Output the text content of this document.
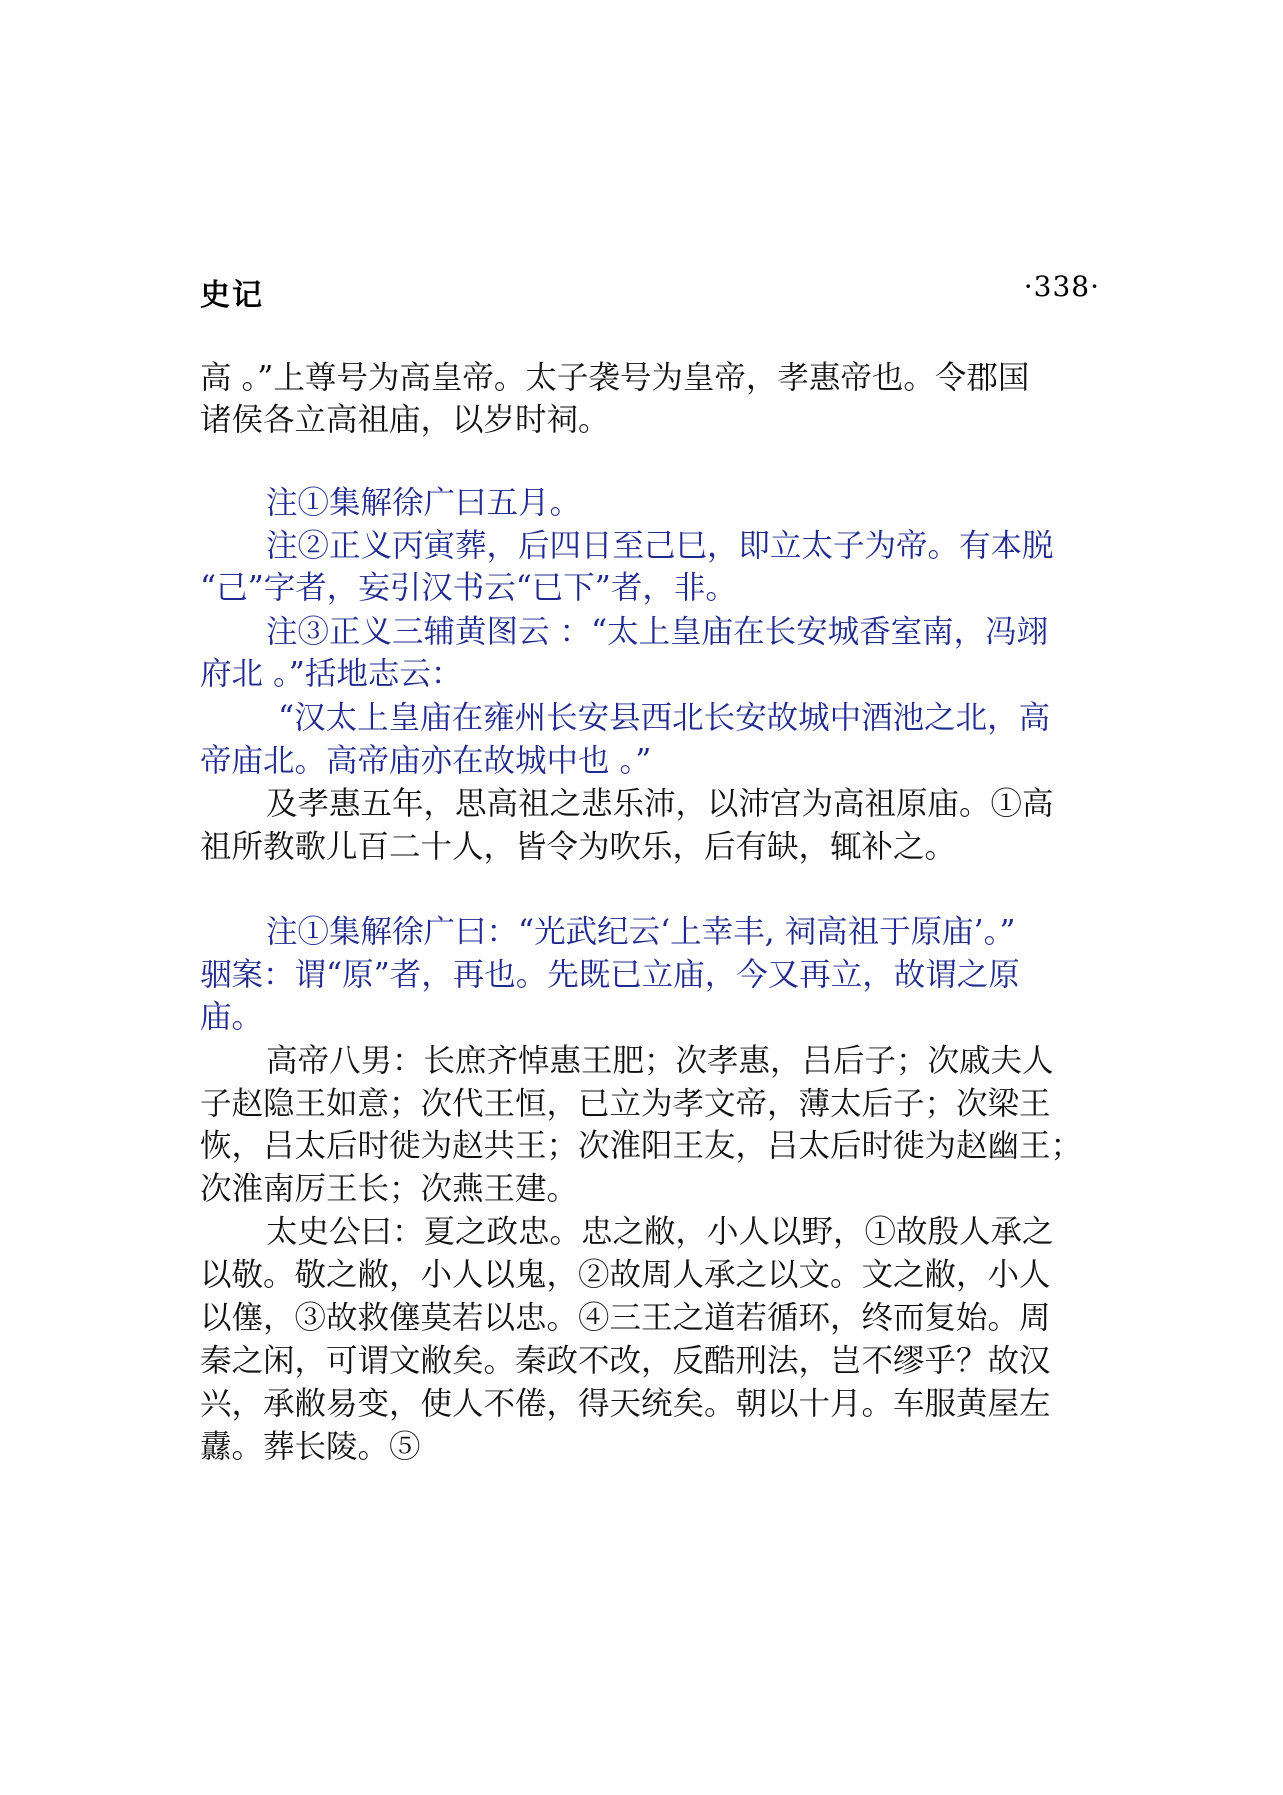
史记	·338·
高 。”上尊号为高皇帝。太子袭号为皇帝，孝惠帝也。令郡国
诸侯各立高祖庙，以岁时祠。
注①集解徐广曰五月。
注②正义丙寅葬，后四日至己巳，即立太子为帝。有本脱
“己”字者，妄引汉书云“已下”者，非。
注③正义三辅黄图云 ：“太上皇庙在长安城香室南，冯翊
府北 。”括地志云：
“汉太上皇庙在雍州长安县西北长安故城中酒池之北，高
帝庙北。高帝庙亦在故城中也 。”
及孝惠五年，思高祖之悲乐沛，以沛宫为高祖原庙。①高
祖所教歌儿百二十人，皆令为吹乐，后有缺，辄补之。
注①集解徐广曰：“光武纪云‘上幸丰, 祠高祖于原庙’。”
骃案：谓“原”者，再也。先既已立庙，今又再立，故谓之原
庙。
高帝八男：长庶齐悼惠王肥；次孝惠，吕后子；次戚夫人
子赵隐王如意；次代王恒，已立为孝文帝，薄太后子；次梁王
恢，吕太后时徙为赵共王；次淮阳王友，吕太后时徙为赵幽王；
次淮南厉王长；次燕王建。
太史公曰：夏之政忠。忠之敝，小人以野，①故殷人承之
以敬。敬之敝，小人以鬼，②故周人承之以文。文之敝，小人
以僿，③故救僿莫若以忠。④三王之道若循环，终而复始。周
秦之闲，可谓文敝矣。秦政不改，反酷刑法，岂不缪乎？故汉
兴，承敝易变，使人不倦，得天统矣。朝以十月。车服黄屋左
纛。葬长陵。⑤
